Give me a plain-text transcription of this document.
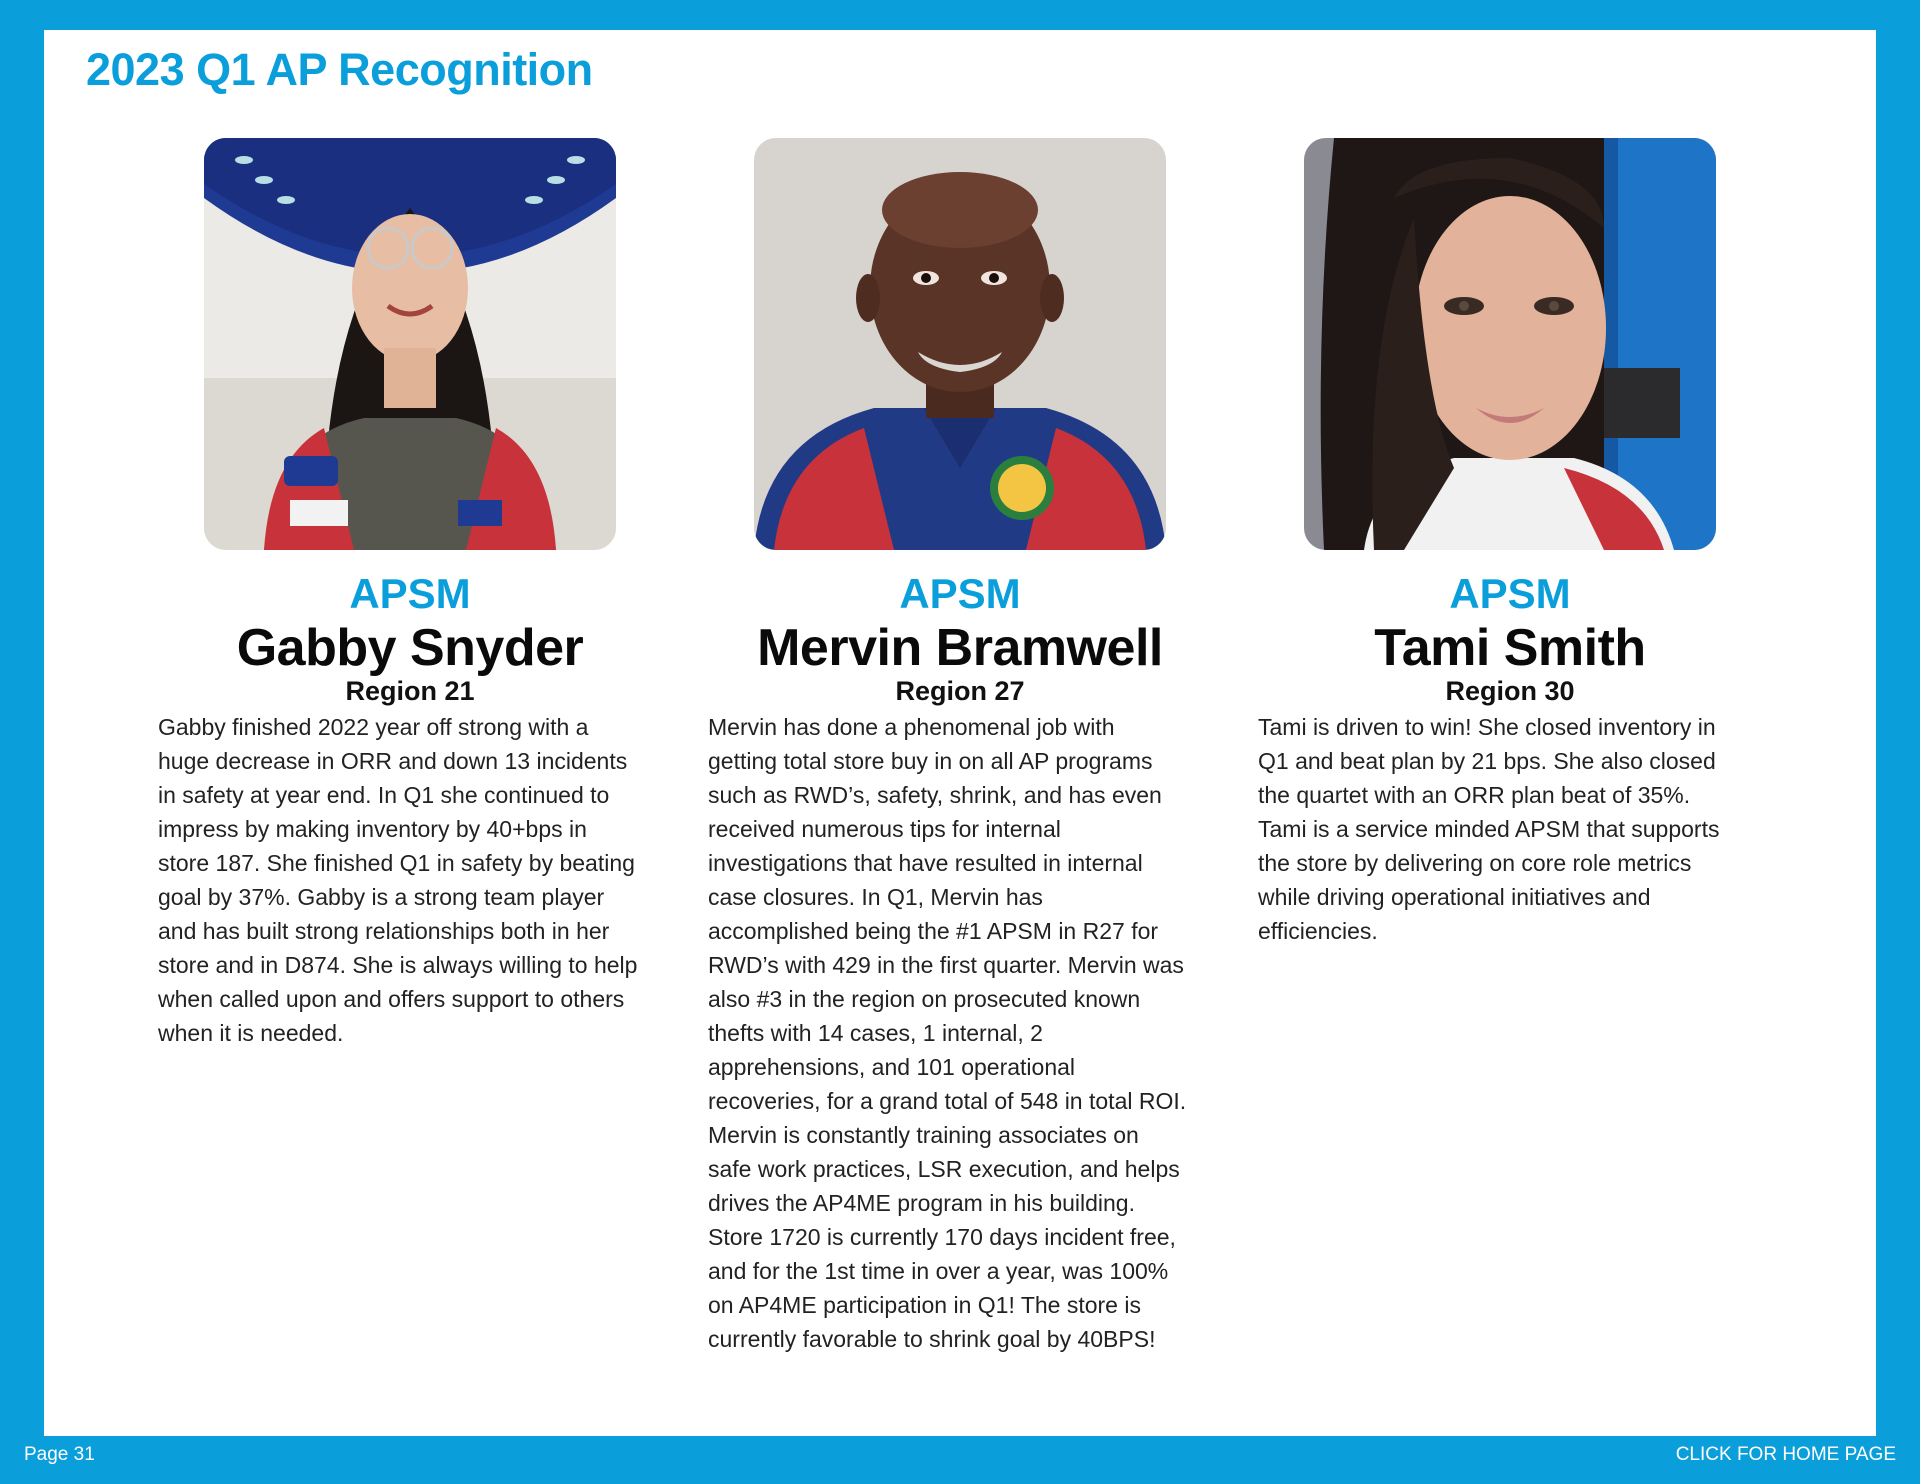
2023 Q1 AP Recognition
APSM
Gabby Snyder
Region 21

Gabby finished 2022 year off strong with a huge decrease in ORR and down 13 incidents in safety at year end. In Q1 she continued to impress by making inventory by 40+bps in store 187. She finished Q1 in safety by beating goal by 37%. Gabby is a strong team player and has built strong relationships both in her store and in D874. She is always willing to help when called upon and offers support to others when it is needed.

APSM
Mervin Bramwell
Region 27

Mervin has done a phenomenal job with getting total store buy in on all AP programs such as RWD’s, safety, shrink, and has even received numerous tips for internal investigations that have resulted in internal case closures. In Q1, Mervin has accomplished being the #1 APSM in R27 for RWD’s with 429 in the first quarter. Mervin was also #3 in the region on prosecuted known thefts with 14 cases, 1 internal, 2 apprehensions, and 101 operational recoveries, for a grand total of 548 in total ROI. Mervin is constantly training associates on safe work practices, LSR execution, and helps drives the AP4ME program in his building. Store 1720 is currently 170 days incident free, and for the 1st time in over a year, was 100% on AP4ME participation in Q1! The store is currently favorable to shrink goal by 40BPS!

APSM
Tami Smith
Region 30

Tami is driven to win! She closed inventory in Q1 and beat plan by 21 bps. She also closed the quartet with an ORR plan beat of 35%. Tami is a service minded APSM that supports the store by delivering on core role metrics while driving operational initiatives and efficiencies.

Page 31	CLICK FOR HOME PAGE
